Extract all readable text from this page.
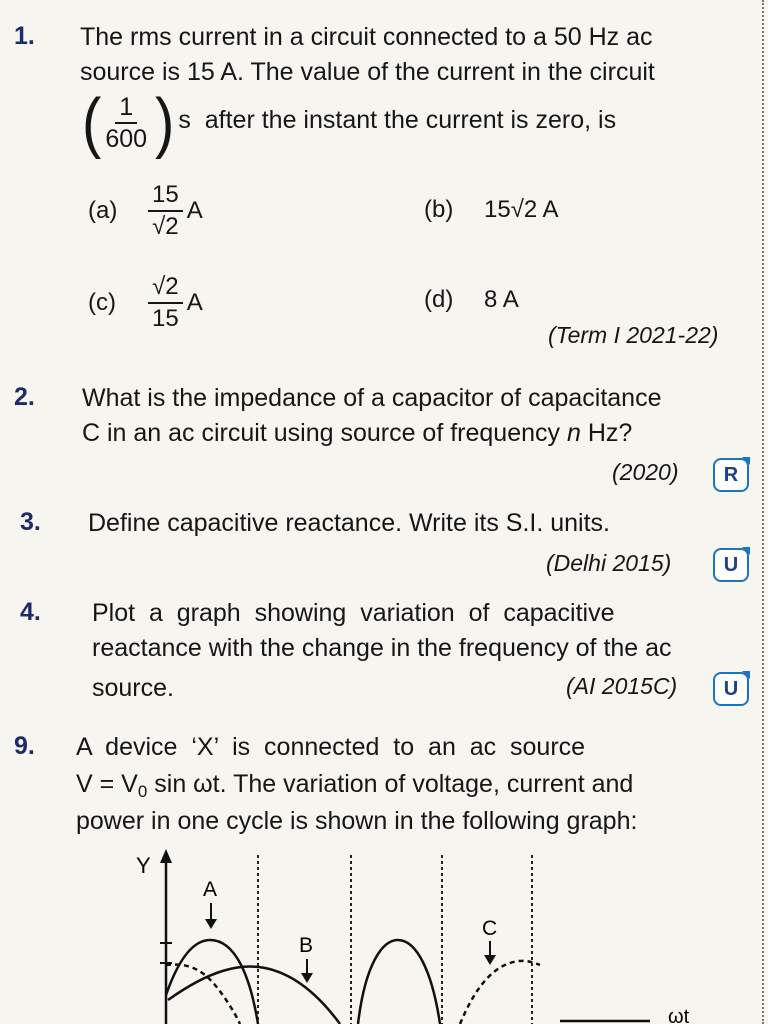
1. The rms current in a circuit connected to a 50 Hz ac
source is 15 A. The value of the current in the circuit
( $\frac{1}{600}$ ) s  after the instant the current is zero, is
(a)	$\frac{15}{√2}$ A	(b)	15√2 A
(c)	$\frac{√2}{15}$ A	(d)	8 A
(Term I 2021-22)
2. What is the impedance of a capacitor of capacitance
C in an ac circuit using source of frequency n Hz?
(2020)	R
3. Define capacitive reactance. Write its S.I. units.
(Delhi 2015)	U
4. Plot  a  graph  showing  variation  of  capacitive
reactance with the change in the frequency of the ac
source.	(AI 2015C)	U
9. A  device  ‘X’  is  connected  to  an  ac  source
$V = V_0$ sin ωt. The variation of voltage, current and
power in one cycle is shown in the following graph:
Y
A
B
C
ωt
